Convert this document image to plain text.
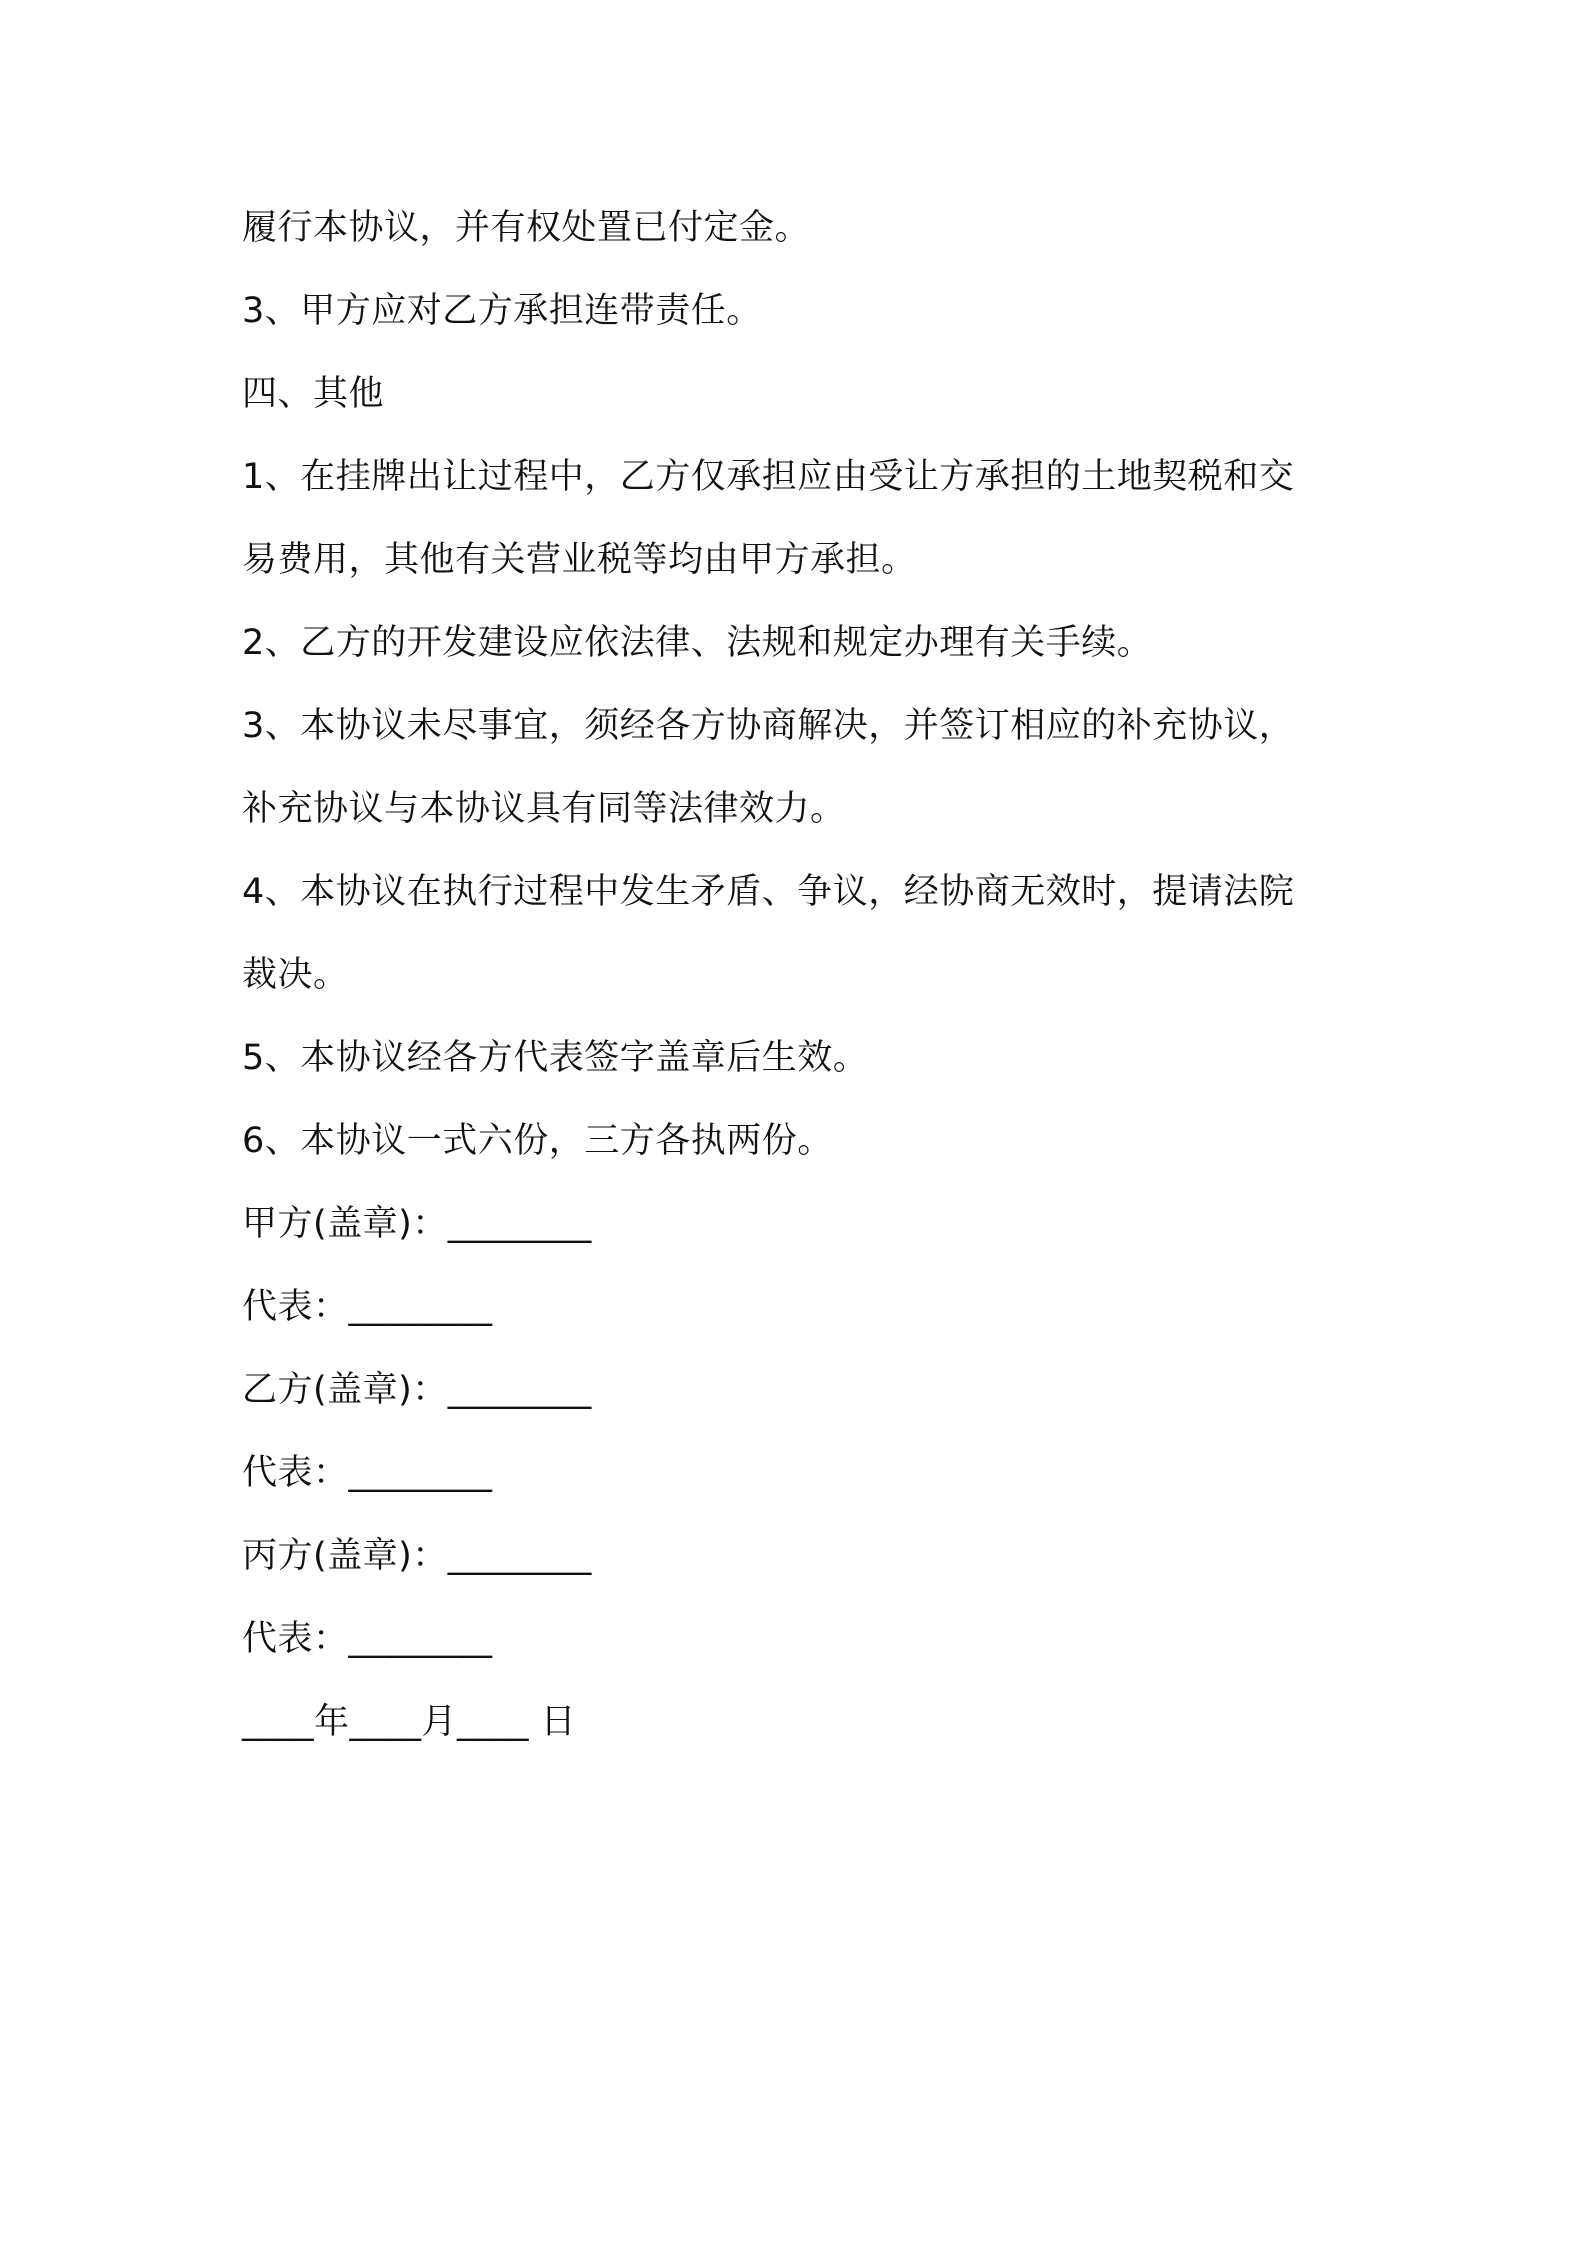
履行本协议，并有权处置已付定金。
3、甲方应对乙方承担连带责任。
四、其他
1、在挂牌出让过程中，乙方仅承担应由受让方承担的土地契税和交
易费用，其他有关营业税等均由甲方承担。
2、乙方的开发建设应依法律、法规和规定办理有关手续。
3、本协议未尽事宜，须经各方协商解决，并签订相应的补充协议，
补充协议与本协议具有同等法律效力。
4、本协议在执行过程中发生矛盾、争议，经协商无效时，提请法院
裁决。
5、本协议经各方代表签字盖章后生效。
6、本协议一式六份，三方各执两份。
甲方(盖章)：________
代表：________
乙方(盖章)：________
代表：________
丙方(盖章)：________
代表：________
____年____月____ 日
